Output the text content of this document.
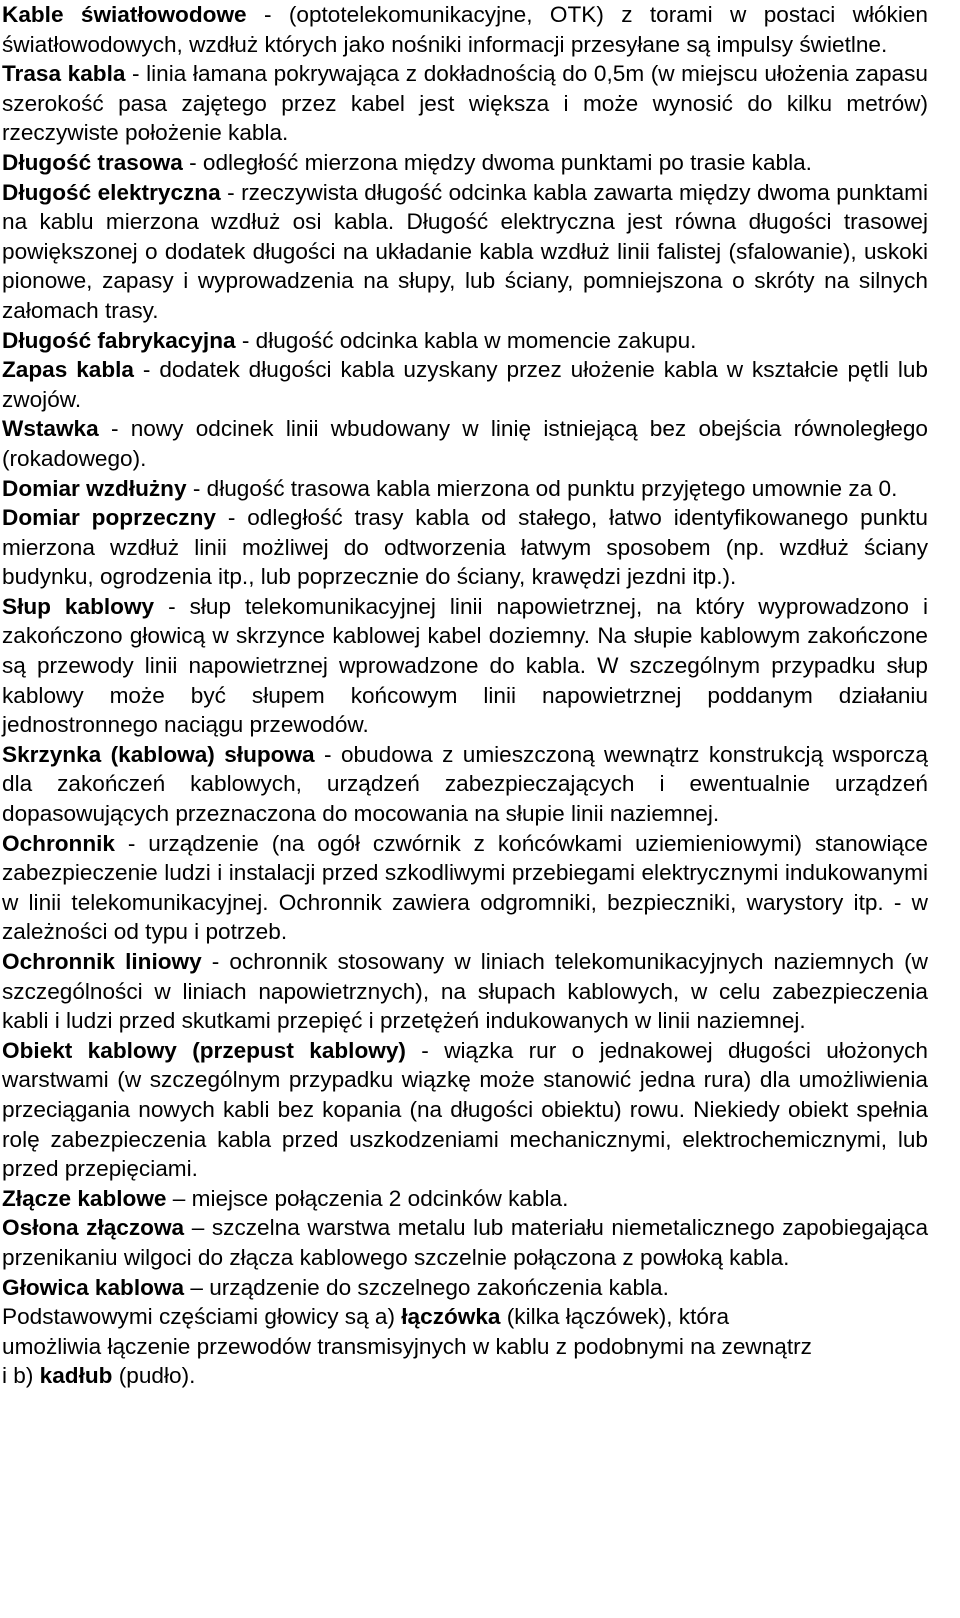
Kable światłowodowe - (optotelekomunikacyjne, OTK) z torami w postaci włókien światłowodowych, wzdłuż których jako nośniki informacji przesyłane są impulsy świetlne.

Trasa kabla - linia łamana pokrywająca z dokładnością do 0,5m (w miejscu ułożenia zapasu szerokość pasa zajętego przez kabel jest większa i może wynosić do kilku metrów) rzeczywiste położenie kabla.

Długość trasowa - odległość mierzona między dwoma punktami po trasie kabla.

Długość elektryczna - rzeczywista długość odcinka kabla zawarta między dwoma punktami na kablu mierzona wzdłuż osi kabla. Długość elektryczna jest równa długości trasowej powiększonej o dodatek długości na układanie kabla wzdłuż linii falistej (sfalowanie), uskoki pionowe, zapasy i wyprowadzenia na słupy, lub ściany, pomniejszona o skróty na silnych załomach trasy.

Długość fabrykacyjna - długość odcinka kabla w momencie zakupu.

Zapas kabla - dodatek długości kabla uzyskany przez ułożenie kabla w kształcie pętli lub zwojów.

Wstawka - nowy odcinek linii wbudowany w linię istniejącą bez obejścia równoległego (rokadowego).

Domiar wzdłużny - długość trasowa kabla mierzona od punktu przyjętego umownie za 0.

Domiar poprzeczny - odległość trasy kabla od stałego, łatwo identyfikowanego punktu mierzona wzdłuż linii możliwej do odtworzenia łatwym sposobem (np. wzdłuż ściany budynku, ogrodzenia itp., lub poprzecznie do ściany, krawędzi jezdni itp.).

Słup kablowy - słup telekomunikacyjnej linii napowietrznej, na który wyprowadzono i zakończono głowicą w skrzynce kablowej kabel doziemny. Na słupie kablowym zakończone są przewody linii napowietrznej wprowadzone do kabla. W szczególnym przypadku słup kablowy może być słupem końcowym linii napowietrznej poddanym działaniu jednostronnego naciągu przewodów.

Skrzynka (kablowa) słupowa - obudowa z umieszczoną wewnątrz konstrukcją wsporczą dla zakończeń kablowych, urządzeń zabezpieczających i ewentualnie urządzeń dopasowujących przeznaczona do mocowania na słupie linii naziemnej.

Ochronnik - urządzenie (na ogół czwórnik z końcówkami uziemieniowymi) stanowiące zabezpieczenie ludzi i instalacji przed szkodliwymi przebiegami elektrycznymi indukowanymi w linii telekomunikacyjnej. Ochronnik zawiera odgromniki, bezpieczniki, warystory itp. - w zależności od typu i potrzeb.

Ochronnik liniowy - ochronnik stosowany w liniach telekomunikacyjnych naziemnych (w szczególności w liniach napowietrznych), na słupach kablowych, w celu zabezpieczenia kabli i ludzi przed skutkami przepięć i przetężeń indukowanych w linii naziemnej.

Obiekt kablowy (przepust kablowy) - wiązka rur o jednakowej długości ułożonych warstwami (w szczególnym przypadku wiązkę może stanowić jedna rura) dla umożliwienia przeciągania nowych kabli bez kopania (na długości obiektu) rowu. Niekiedy obiekt spełnia rolę zabezpieczenia kabla przed uszkodzeniami mechanicznymi, elektrochemicznymi, lub przed przepięciami.

Złącze kablowe – miejsce połączenia 2 odcinków kabla.

Osłona złączowa – szczelna warstwa metalu lub materiału niemetalicznego zapobiegająca przenikaniu wilgoci do złącza kablowego szczelnie połączona z powłoką kabla.

Głowica kablowa – urządzenie do szczelnego zakończenia kabla.

Podstawowymi częściami głowicy są a) łączówka (kilka łączówek), która
umożliwia łączenie przewodów transmisyjnych w kablu z podobnymi na zewnątrz
i b) kadłub (pudło).
